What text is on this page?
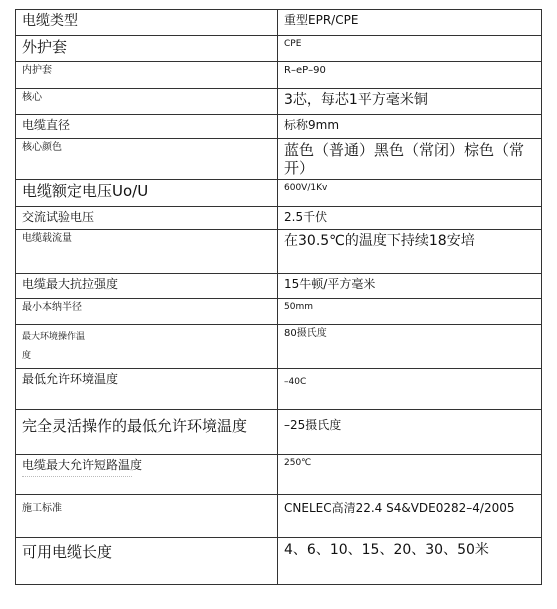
电缆类型	重型EPR/CPE
外护套	CPE
内护套	R–eP–90
核心	3芯，每芯1平方毫米铜
电缆直径	标称9mm
核心颜色	蓝色（普通）黑色（常闭）棕色（常开）
电缆额定电压Uo/U	600V/1Kv
交流试验电压	2.5千伏
电缆载流量	在30.5℃的温度下持续18安培
电缆最大抗拉强度	15牛顿/平方毫米
最小本纳半径	50mm
最大环境操作温度	80摄氏度
最低允许环境温度	–40C
完全灵活操作的最低允许环境温度	–25摄氏度
电缆最大允许短路温度	250℃
施工标准	CNELEC高清22.4 S4&VDE0282–4/2005
可用电缆长度	4、6、10、15、20、30、50米
